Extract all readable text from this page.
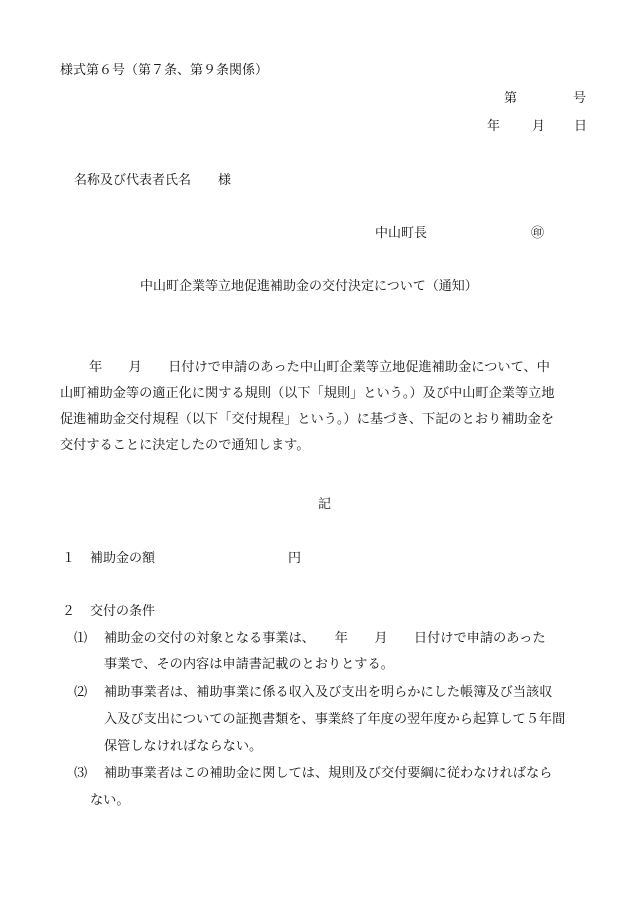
様式第６号（第７条、第９条関係）
第	号
年 月 日
名称及び代表者氏名 様
中山町長	㊞
中山町企業等立地促進補助金の交付決定について（通知）
年　　月　　日付けで申請のあった中山町企業等立地促進補助金について、中
山町補助金等の適正化に関する規則（以下「規則」という。）及び中山町企業等立地
促進補助金交付規程（以下「交付規程」という。）に基づき、下記のとおり補助金を
交付することに決定したので通知します。
記
１ 補助金の額	円
２ 交付の条件
⑴ 補助金の交付の対象となる事業は、　　年　　月　　日付けで申請のあった
事業で、その内容は申請書記載のとおりとする。
⑵ 補助事業者は、補助事業に係る収入及び支出を明らかにした帳簿及び当該収
入及び支出についての証拠書類を、事業終了年度の翌年度から起算して５年間
保管しなければならない。
⑶ 補助事業者はこの補助金に関しては、規則及び交付要綱に従わなければなら
ない。
